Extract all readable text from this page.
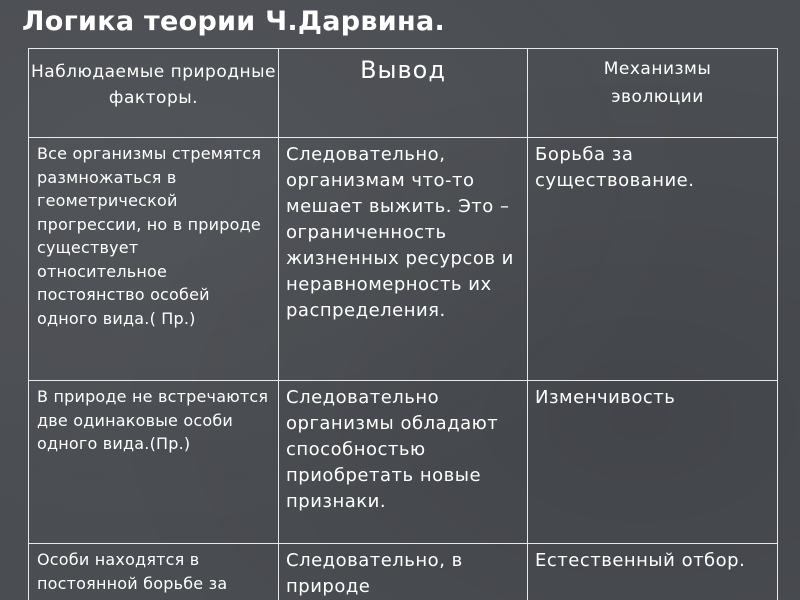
Логика теории Ч.Дарвина.
Наблюдаемые природные факторы.	Вывод	Механизмы эволюции

Все организмы стремятся размножаться в геометрической прогрессии, но в природе существует относительное постоянство особей одного вида.( Пр.)	Следовательно, организмам что-то мешает выжить. Это – ограниченность жизненных ресурсов и неравномерность их распределения.	Борьба за существование.

В природе не встречаются две одинаковые особи одного вида.(Пр.)	Следовательно организмы обладают способностью приобретать новые признаки.	Изменчивость

Особи находятся в постоянной борьбе за	Следовательно, в природе	Естественный отбор.
